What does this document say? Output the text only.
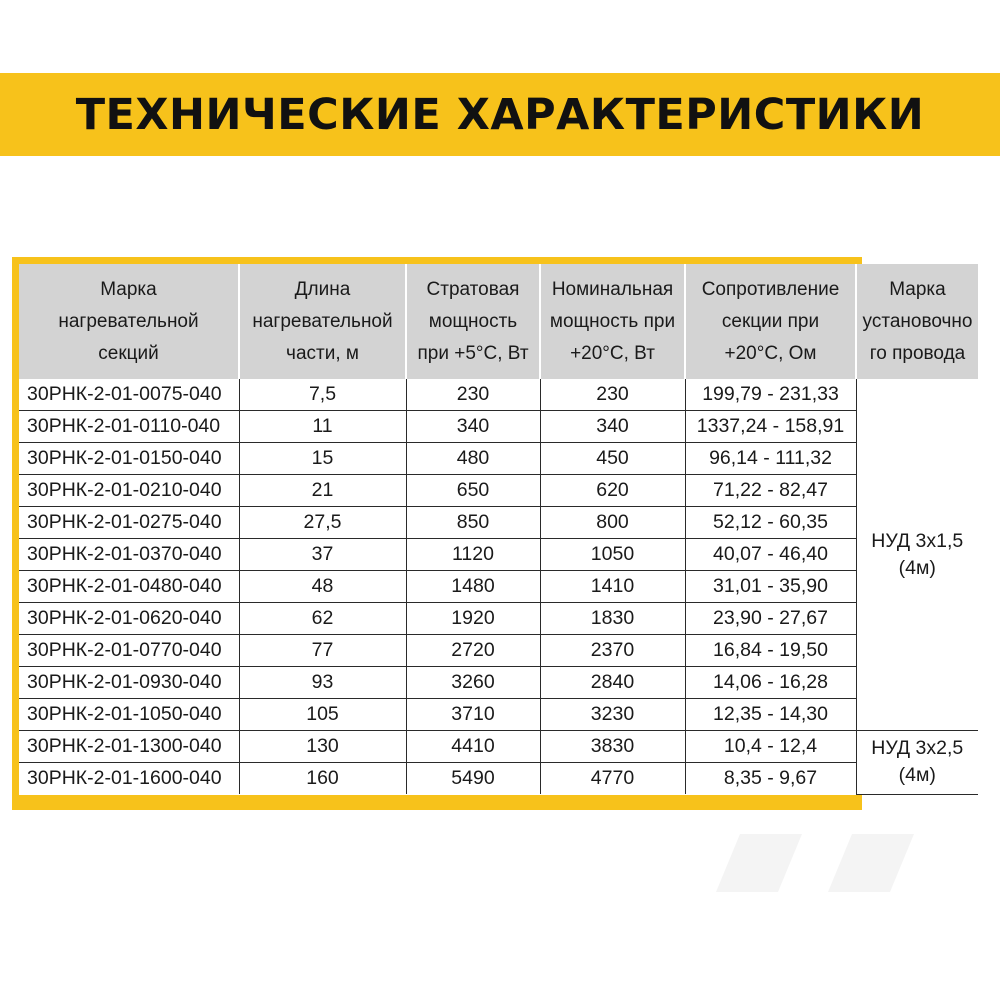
ТЕХНИЧЕСКИЕ ХАРАКТЕРИСТИКИ
Марка
нагревательной
секций	Длина
нагревательной
части, м	Стратовая
мощность
при +5°С, Вт	Номинальная
мощность при
+20°С, Вт	Сопротивление
секции при
+20°С, Ом	Марка
установочно
го провода
30РНК-2-01-0075-040	7,5	230	230	199,79 - 231,33	НУД 3х1,5
(4м)
30РНК-2-01-0110-040	11	340	340	1337,24 - 158,91	
30РНК-2-01-0150-040	15	480	450	96,14 - 111,32	
30РНК-2-01-0210-040	21	650	620	71,22 - 82,47	
30РНК-2-01-0275-040	27,5	850	800	52,12 - 60,35	
30РНК-2-01-0370-040	37	1120	1050	40,07 - 46,40	
30РНК-2-01-0480-040	48	1480	1410	31,01 - 35,90	
30РНК-2-01-0620-040	62	1920	1830	23,90 - 27,67	
30РНК-2-01-0770-040	77	2720	2370	16,84 - 19,50	
30РНК-2-01-0930-040	93	3260	2840	14,06 - 16,28	
30РНК-2-01-1050-040	105	3710	3230	12,35 - 14,30	
30РНК-2-01-1300-040	130	4410	3830	10,4 - 12,4	НУД 3х2,5
(4м)
30РНК-2-01-1600-040	160	5490	4770	8,35 - 9,67	
